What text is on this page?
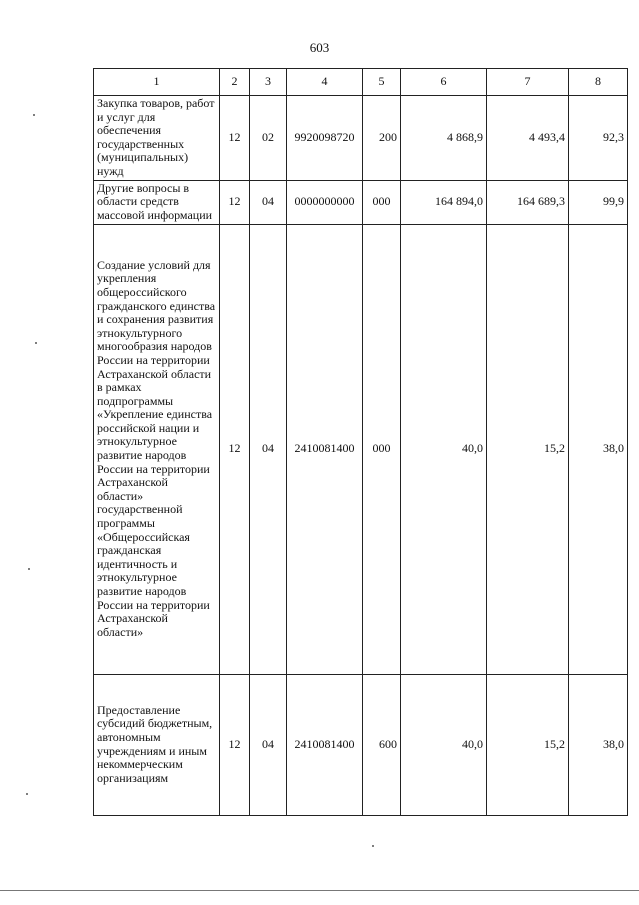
603
1	2	3	4	5	6	7	8
Закупка товаров, работ и услуг для обеспечения государственных (муниципальных) нужд	12	02	9920098720	200	4 868,9	4 493,4	92,3
Другие вопросы в области средств массовой информации	12	04	0000000000	000	164 894,0	164 689,3	99,9
Создание условий для укрепления общероссийского гражданского единства и сохранения развития этнокультурного многообразия народов России на территории Астраханской области в рамках подпрограммы «Укрепление единства российской нации и этнокультурное развитие народов России на территории Астраханской области» государственной программы «Общероссийская гражданская идентичность и этнокультурное развитие народов России на территории Астраханской области»	12	04	2410081400	000	40,0	15,2	38,0
Предоставление субсидий бюджетным, автономным учреждениям и иным некоммерческим организациям	12	04	2410081400	600	40,0	15,2	38,0
